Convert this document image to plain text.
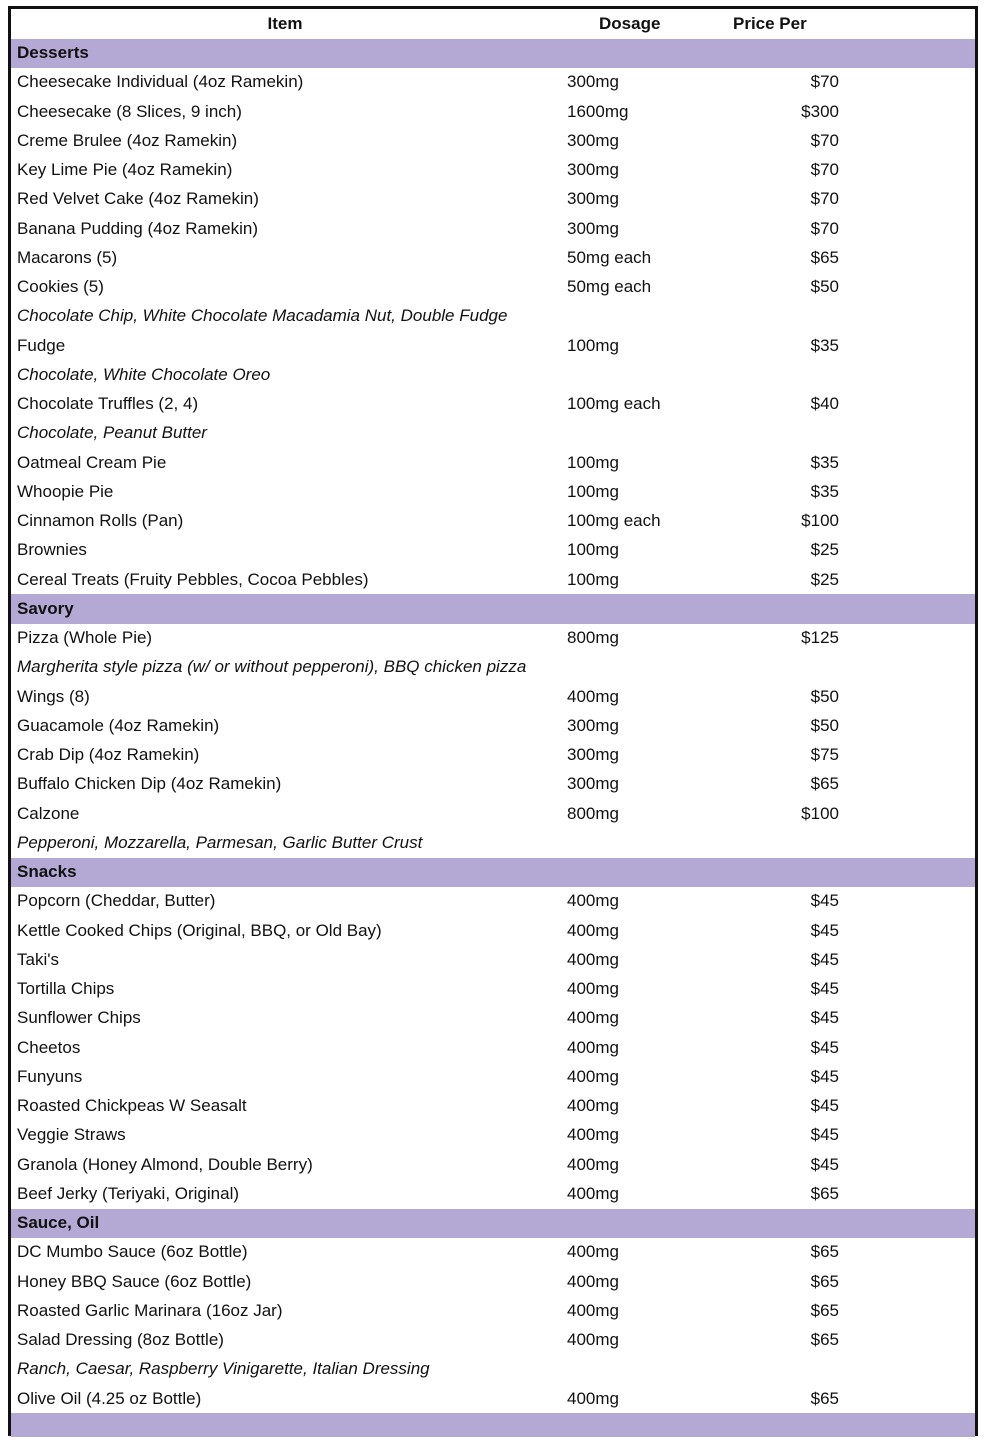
Item	Dosage	Price Per
Desserts
Cheesecake Individual (4oz Ramekin)	300mg	$70
Cheesecake (8 Slices, 9 inch)	1600mg	$300
Creme Brulee (4oz Ramekin)	300mg	$70
Key Lime Pie (4oz Ramekin)	300mg	$70
Red Velvet Cake (4oz Ramekin)	300mg	$70
Banana Pudding (4oz Ramekin)	300mg	$70
Macarons (5)	50mg each	$65
Cookies (5)	50mg each	$50
Chocolate Chip, White Chocolate Macadamia Nut, Double Fudge
Fudge	100mg	$35
Chocolate, White Chocolate Oreo
Chocolate Truffles (2, 4)	100mg each	$40
Chocolate, Peanut Butter
Oatmeal Cream Pie	100mg	$35
Whoopie Pie	100mg	$35
Cinnamon Rolls (Pan)	100mg each	$100
Brownies	100mg	$25
Cereal Treats (Fruity Pebbles, Cocoa Pebbles)	100mg	$25
Savory
Pizza (Whole Pie)	800mg	$125
Margherita style pizza (w/ or without pepperoni), BBQ chicken pizza
Wings (8)	400mg	$50
Guacamole (4oz Ramekin)	300mg	$50
Crab Dip (4oz Ramekin)	300mg	$75
Buffalo Chicken Dip (4oz Ramekin)	300mg	$65
Calzone	800mg	$100
Pepperoni, Mozzarella, Parmesan, Garlic Butter Crust
Snacks
Popcorn (Cheddar, Butter)	400mg	$45
Kettle Cooked Chips (Original, BBQ, or Old Bay)	400mg	$45
Taki's	400mg	$45
Tortilla Chips	400mg	$45
Sunflower Chips	400mg	$45
Cheetos	400mg	$45
Funyuns	400mg	$45
Roasted Chickpeas W Seasalt	400mg	$45
Veggie Straws	400mg	$45
Granola (Honey Almond, Double Berry)	400mg	$45
Beef Jerky (Teriyaki, Original)	400mg	$65
Sauce, Oil
DC Mumbo Sauce (6oz Bottle)	400mg	$65
Honey BBQ Sauce (6oz Bottle)	400mg	$65
Roasted Garlic Marinara (16oz Jar)	400mg	$65
Salad Dressing (8oz Bottle)	400mg	$65
Ranch, Caesar, Raspberry Vinigarette, Italian Dressing
Olive Oil (4.25 oz Bottle)	400mg	$65
